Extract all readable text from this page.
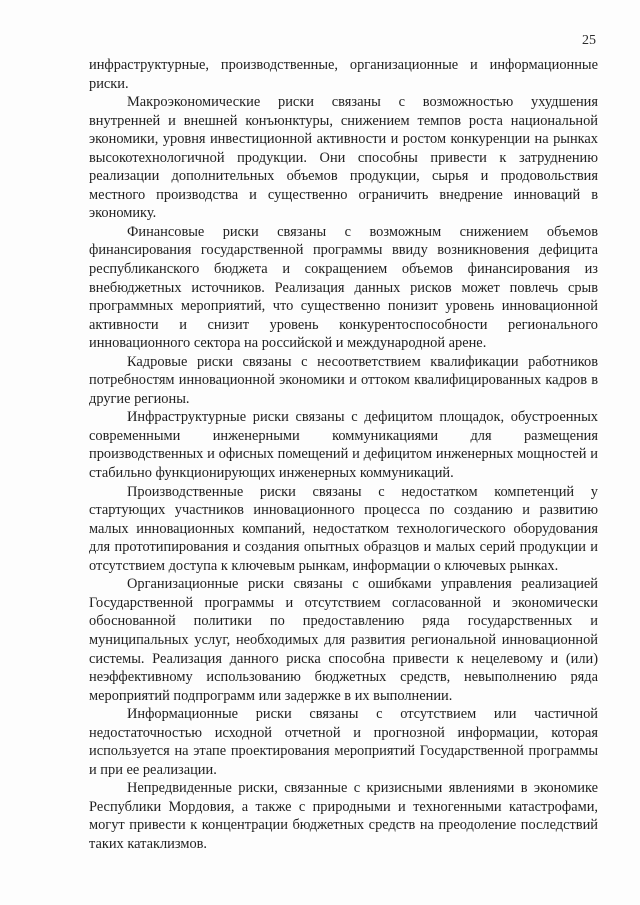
25

инфраструктурные, производственные, организационные и информационные риски.

Макроэкономические риски связаны с возможностью ухудшения внутренней и внешней конъюнктуры, снижением темпов роста национальной экономики, уровня инвестиционной активности и ростом конкуренции на рынках высокотехнологичной продукции. Они способны привести к затруднению реализации дополнительных объемов продукции, сырья и продовольствия местного производства и существенно ограничить внедрение инноваций в экономику.

Финансовые риски связаны с возможным снижением объемов финансирования государственной программы ввиду возникновения дефицита республиканского бюджета и сокращением объемов финансирования из внебюджетных источников. Реализация данных рисков может повлечь срыв программных мероприятий, что существенно понизит уровень инновационной активности и снизит уровень конкурентоспособности регионального инновационного сектора на российской и международной арене.

Кадровые риски связаны с несоответствием квалификации работников потребностям инновационной экономики и оттоком квалифицированных кадров в другие регионы.

Инфраструктурные риски связаны с дефицитом площадок, обустроенных современными инженерными коммуникациями для размещения производственных и офисных помещений и дефицитом инженерных мощностей и стабильно функционирующих инженерных коммуникаций.

Производственные риски связаны с недостатком компетенций у стартующих участников инновационного процесса по созданию и развитию малых инновационных компаний, недостатком технологического оборудования для прототипирования и создания опытных образцов и малых серий продукции и отсутствием доступа к ключевым рынкам, информации о ключевых рынках.

Организационные риски связаны с ошибками управления реализацией Государственной программы и отсутствием согласованной и экономически обоснованной политики по предоставлению ряда государственных и муниципальных услуг, необходимых для развития региональной инновационной системы. Реализация данного риска способна привести к нецелевому и (или) неэффективному использованию бюджетных средств, невыполнению ряда мероприятий подпрограмм или задержке в их выполнении.

Информационные риски связаны с отсутствием или частичной недостаточностью исходной отчетной и прогнозной информации, которая используется на этапе проектирования мероприятий Государственной программы и при ее реализации.

Непредвиденные риски, связанные с кризисными явлениями в экономике Республики Мордовия, а также с природными и техногенными катастрофами, могут привести к концентрации бюджетных средств на преодоление последствий таких катаклизмов.
